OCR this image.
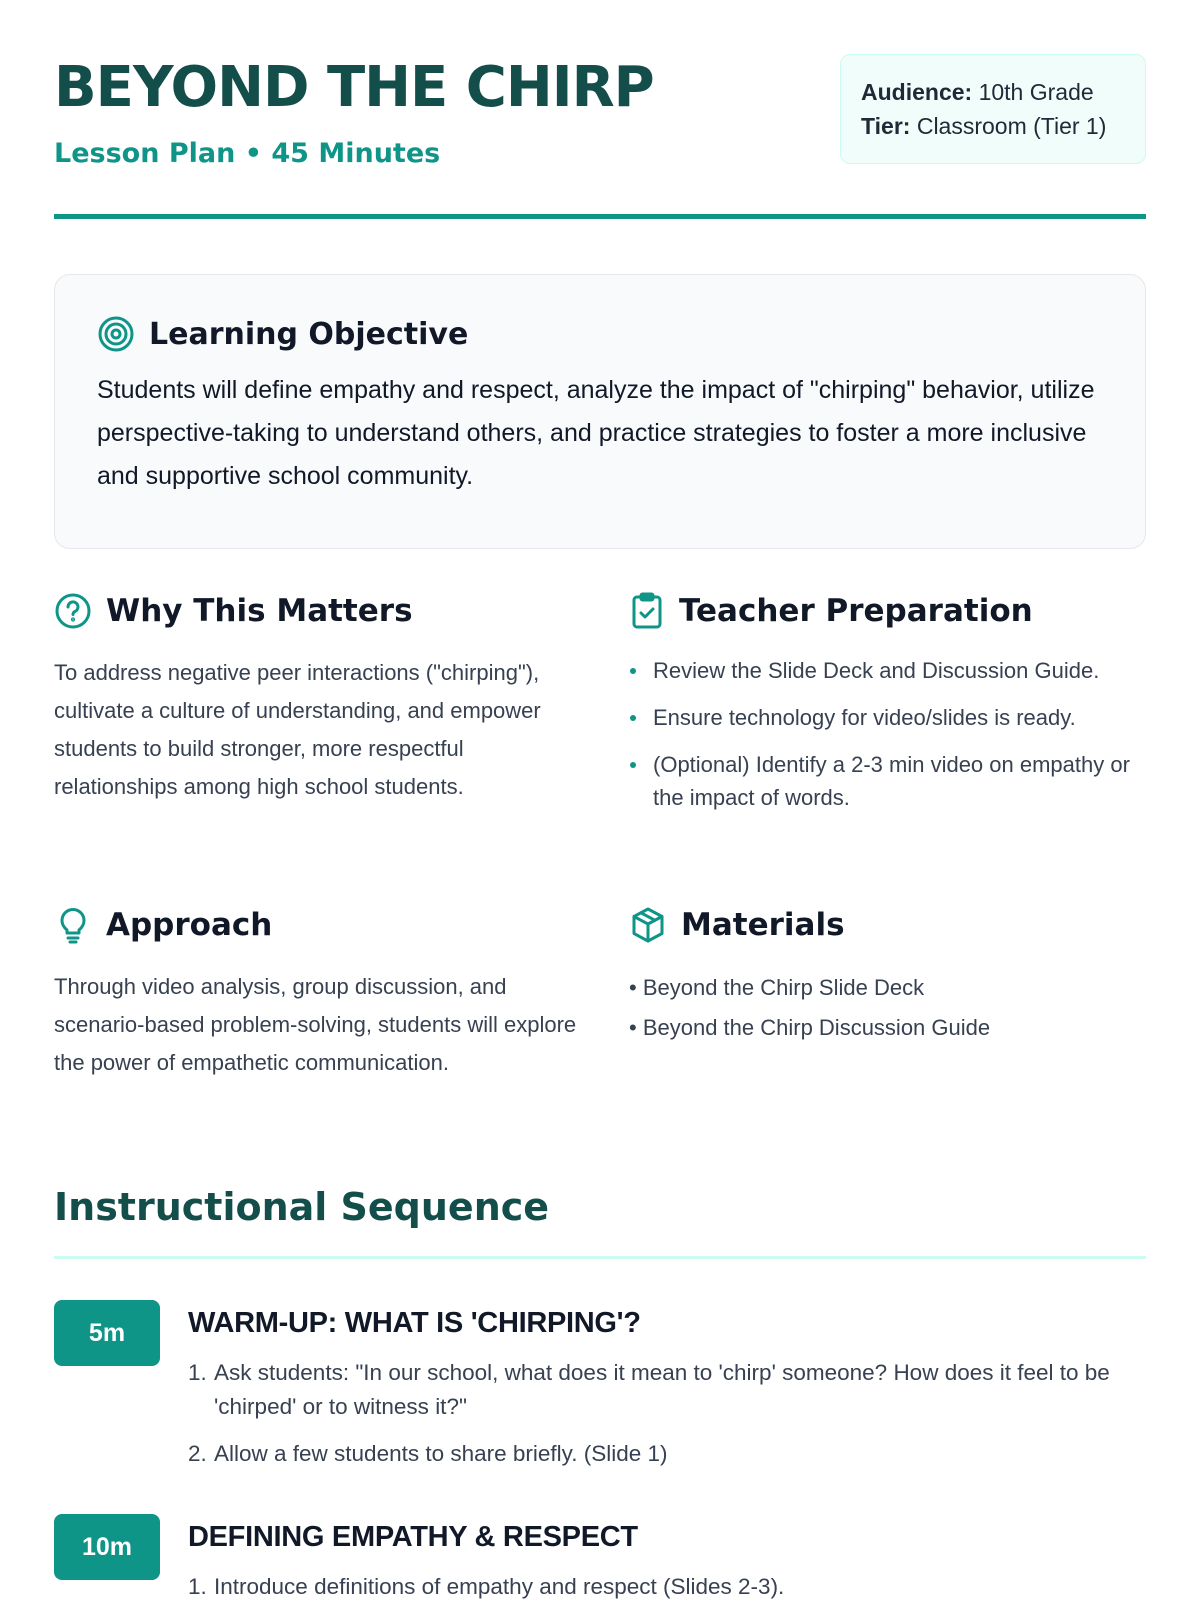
BEYOND THE CHIRP
Lesson Plan • 45 Minutes
Audience: 10th Grade
Tier: Classroom (Tier 1)
Learning Objective

Students will define empathy and respect, analyze the impact of "chirping" behavior, utilize perspective-taking to understand others, and practice strategies to foster a more inclusive and supportive school community.

Why This Matters

To address negative peer interactions ("chirping"), cultivate a culture of understanding, and empower students to build stronger, more respectful relationships among high school students.

Teacher Preparation
Review the Slide Deck and Discussion Guide.
Ensure technology for video/slides is ready.
(Optional) Identify a 2-3 min video on empathy or the impact of words.
Approach

Through video analysis, group discussion, and scenario-based problem-solving, students will explore the power of empathetic communication.

Materials
• Beyond the Chirp Slide Deck
• Beyond the Chirp Discussion Guide
Instructional Sequence
5m	WARM-UP: WHAT IS 'CHIRPING'?
1. Ask students: "In our school, what does it mean to 'chirp' someone? How does it feel to be 'chirped' or to witness it?"
2. Allow a few students to share briefly. (Slide 1)
10m	DEFINING EMPATHY & RESPECT
1. Introduce definitions of empathy and respect (Slides 2-3).
